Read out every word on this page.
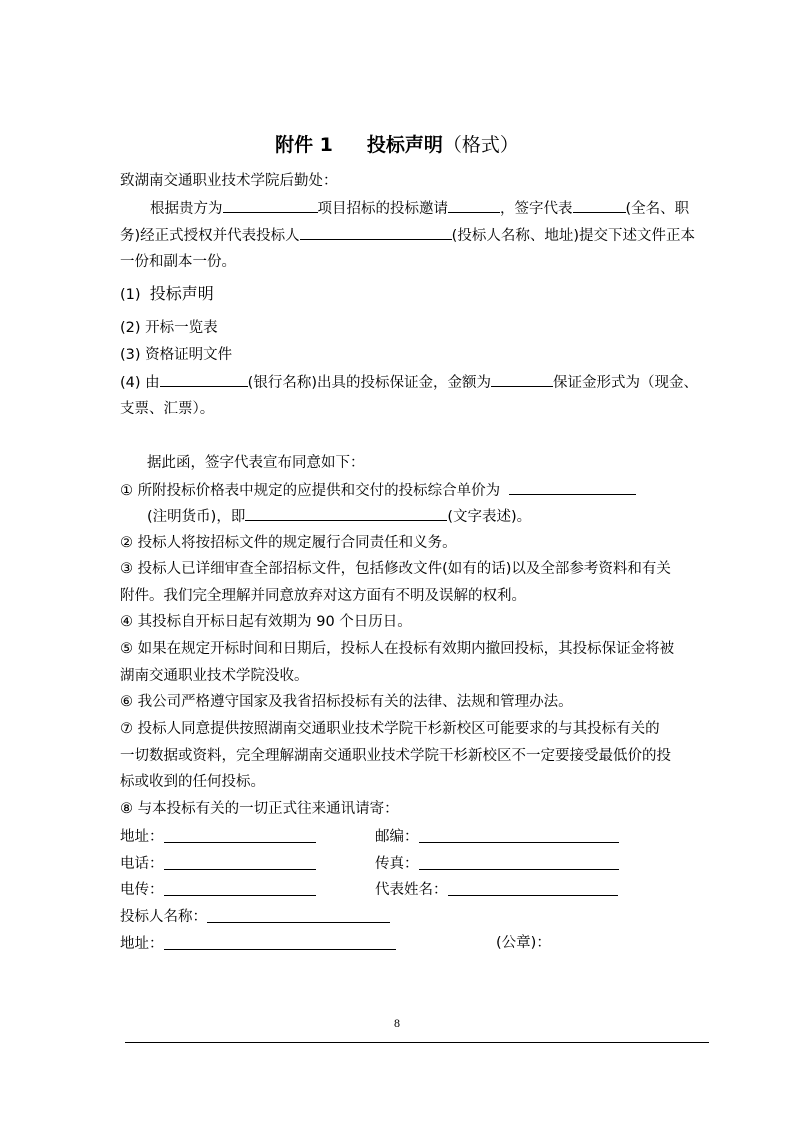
附件 1 投标声明（格式）
致湖南交通职业技术学院后勤处：
根据贵方为	项目招标的投标邀请	，签字代表	(全名、职
务)经正式授权并代表投标人	(投标人名称、地址)提交下述文件正本
一份和副本一份。
(1) 投标声明
(2) 开标一览表
(3) 资格证明文件
(4) 由	(银行名称)出具的投标保证金，金额为	保证金形式为（现金、
支票、汇票）。
据此函，签字代表宣布同意如下：
① 所附投标价格表中规定的应提供和交付的投标综合单价为
(注明货币)，即	(文字表述)。
② 投标人将按招标文件的规定履行合同责任和义务。
③ 投标人已详细审查全部招标文件，包括修改文件(如有的话)以及全部参考资料和有关
附件。我们完全理解并同意放弃对这方面有不明及误解的权利。
④ 其投标自开标日起有效期为 90 个日历日。
⑤ 如果在规定开标时间和日期后，投标人在投标有效期内撤回投标，其投标保证金将被
湖南交通职业技术学院没收。
⑥ 我公司严格遵守国家及我省招标投标有关的法律、法规和管理办法。
⑦ 投标人同意提供按照湖南交通职业技术学院干杉新校区可能要求的与其投标有关的
一切数据或资料，完全理解湖南交通职业技术学院干杉新校区不一定要接受最低价的投
标或收到的任何投标。
⑧ 与本投标有关的一切正式往来通讯请寄：
地址：	邮编：
电话：	传真：
电传：	代表姓名：
投标人名称：
地址：	(公章)：
8
